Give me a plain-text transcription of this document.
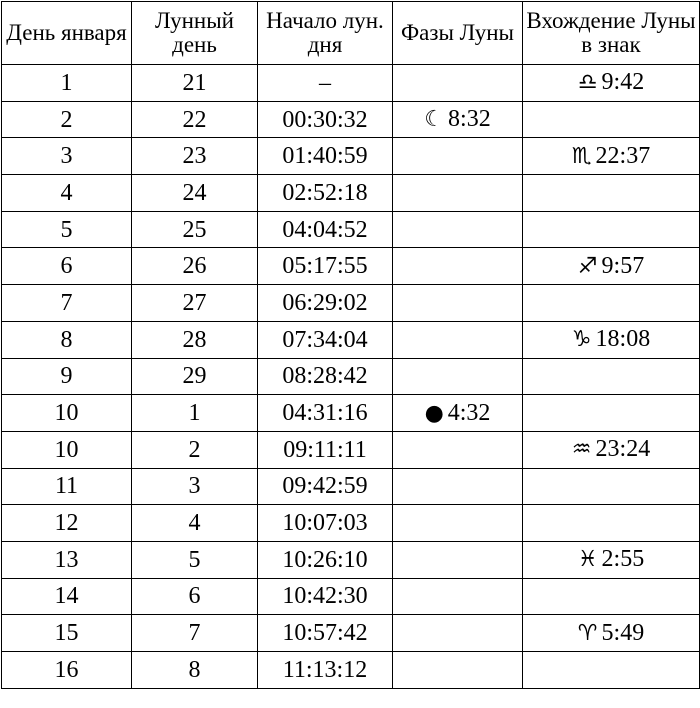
День января	Лунный день	Начало лун. дня	Фазы Луны	Вхождение Луны в знак
1	21	–		♎ 9:42
2	22	00:30:32	☾ 8:32	
3	23	01:40:59		♏ 22:37
4	24	02:52:18		
5	25	04:04:52		
6	26	05:17:55		♐ 9:57
7	27	06:29:02		
8	28	07:34:04		♑ 18:08
9	29	08:28:42		
10	1	04:31:16	● 4:32	
10	2	09:11:11		♒ 23:24
11	3	09:42:59		
12	4	10:07:03		
13	5	10:26:10		♓ 2:55
14	6	10:42:30		
15	7	10:57:42		♈ 5:49
16	8	11:13:12		
